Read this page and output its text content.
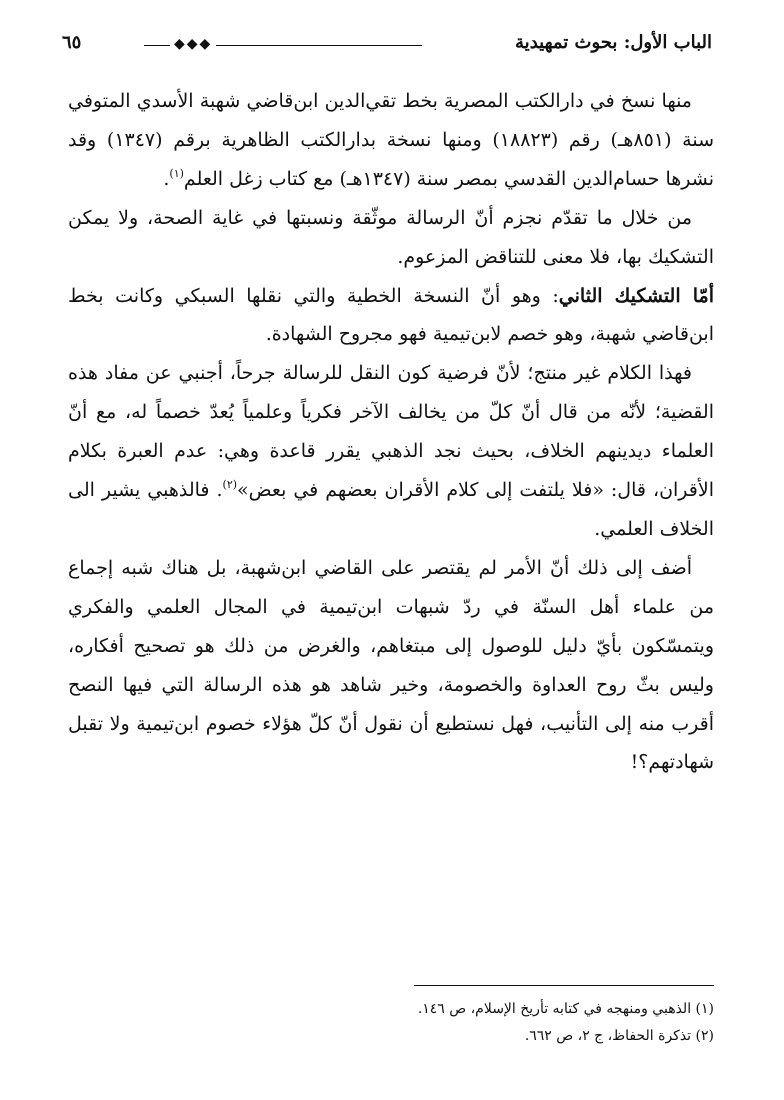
الباب الأول: بحوث تمهيدية
◆◆◆
٦٥

منها نسخ في دارالكتب المصرية بخط تقي‌الدين ابن‌قاضي شهبة الأسدي المتوفي سنة (٨٥١هـ) رقم (١٨٨٢٣) ومنها نسخة بدارالكتب الظاهرية برقم (١٣٤٧) وقد نشرها حسام‌الدين القدسي بمصر سنة (١٣٤٧هـ) مع كتاب زغل العلم$^{(١)}$.

من خلال ما تقدّم نجزم أنّ الرسالة موثّقة ونسبتها في غاية الصحة، ولا يمكن التشكيك بها، فلا معنى للتناقض المزعوم.

أمّا التشكيك الثاني: وهو أنّ النسخة الخطية والتي نقلها السبكي وكانت بخط ابن‌قاضي شهبة، وهو خصم لابن‌تيمية فهو مجروح الشهادة.

فهذا الكلام غير منتج؛ لأنّ فرضية كون النقل للرسالة جرحاً، أجنبي عن مفاد هذه القضية؛ لأنّه من قال أنّ كلّ من يخالف الآخر فكرياً وعلمياً يُعدّ خصماً له، مع أنّ العلماء ديدينهم الخلاف، بحيث نجد الذهبي يقرر قاعدة وهي: عدم العبرة بكلام الأقران، قال: «فلا يلتفت إلى كلام الأقران بعضهم في بعض»$^{(٢)}$. فالذهبي يشير الى الخلاف العلمي.

أضف إلى ذلك أنّ الأمر لم يقتصر على القاضي ابن‌شهبة، بل هناك شبه إجماع من علماء أهل السنّة في ردّ شبهات ابن‌تيمية في المجال العلمي والفكري ويتمسّكون بأيّ دليل للوصول إلى مبتغاهم، والغرض من ذلك هو تصحيح أفكاره، وليس بثّ روح العداوة والخصومة، وخير شاهد هو هذه الرسالة التي فيها النصح أقرب منه إلى التأنيب، فهل نستطيع أن نقول أنّ كلّ هؤلاء خصوم ابن‌تيمية ولا تقبل شهادتهم؟!

(١) الذهبي ومنهجه في كتابه تأريخ الإسلام، ص ١٤٦.
(٢) تذكرة الحفاظ، ج ٢، ص ٦٦٢.
